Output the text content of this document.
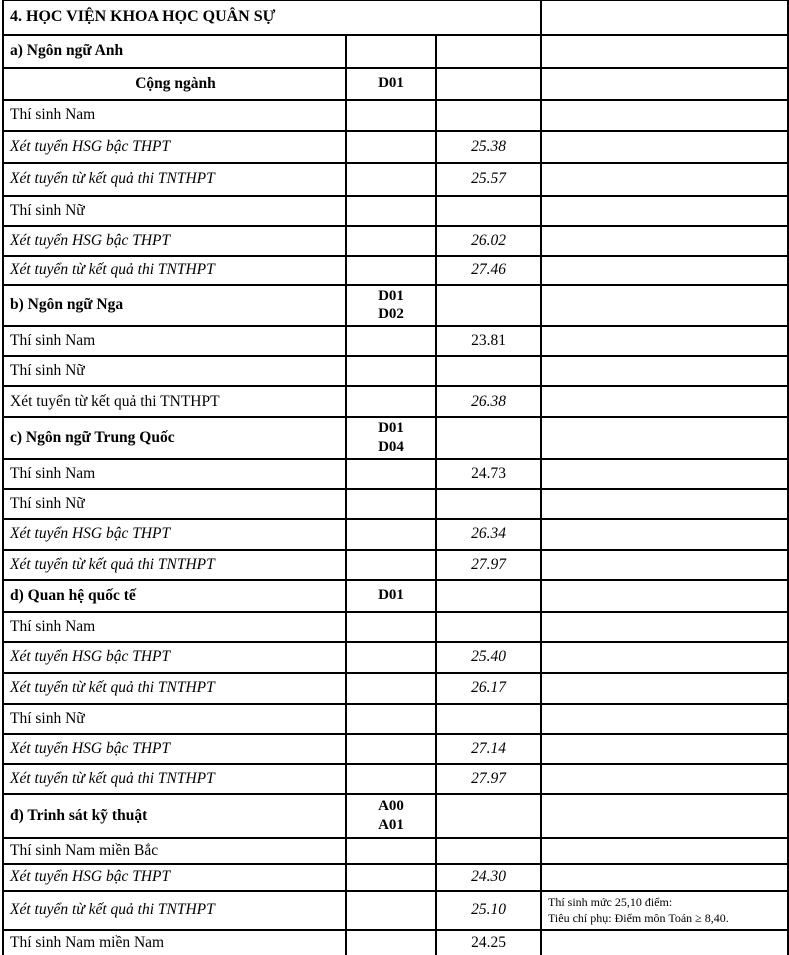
4. HỌC VIỆN KHOA HỌC QUÂN SỰ			
a) Ngôn ngữ Anh			
Cộng ngành	D01		
Thí sinh Nam			
Xét tuyển HSG bậc THPT		25.38	
Xét tuyển từ kết quả thi TNTHPT		25.57	
Thí sinh Nữ			
Xét tuyển HSG bậc THPT		26.02	
Xét tuyển từ kết quả thi TNTHPT		27.46	
b) Ngôn ngữ Nga	D01
D02		

Thí sinh Nam		23.81	
Thí sinh Nữ			
Xét tuyển từ kết quả thi TNTHPT		26.38	
c) Ngôn ngữ Trung Quốc	D01
D04		

Thí sinh Nam		24.73	
Thí sinh Nữ			
Xét tuyển HSG bậc THPT		26.34	
Xét tuyển từ kết quả thi TNTHPT		27.97	
d) Quan hệ quốc tế	D01		
Thí sinh Nam			
Xét tuyển HSG bậc THPT		25.40	
Xét tuyển từ kết quả thi TNTHPT		26.17	
Thí sinh Nữ			
Xét tuyển HSG bậc THPT		27.14	
Xét tuyển từ kết quả thi TNTHPT		27.97	
đ) Trinh sát kỹ thuật	A00
A01		

Thí sinh Nam miền Bắc			
Xét tuyển HSG bậc THPT		24.30	
Xét tuyển từ kết quả thi TNTHPT		25.10	Thí sinh mức 25,10 điểm:
Tiêu chí phụ: Điểm môn Toán ≥ 8,40.

Thí sinh Nam miền Nam		24.25	
